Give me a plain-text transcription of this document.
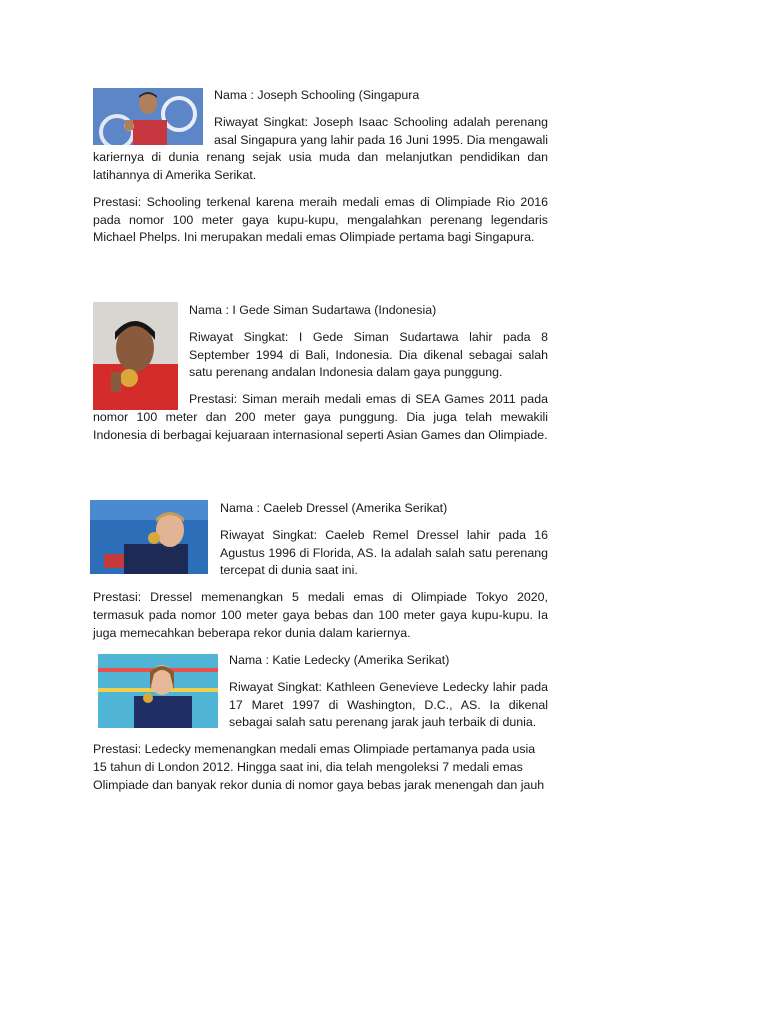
Nama : Joseph Schooling (Singapura

Riwayat Singkat: Joseph Isaac Schooling adalah perenang asal Singapura yang lahir pada 16 Juni 1995. Dia mengawali kariernya di dunia renang sejak usia muda dan melanjutkan pendidikan dan latihannya di Amerika Serikat.

Prestasi: Schooling terkenal karena meraih medali emas di Olimpiade Rio 2016 pada nomor 100 meter gaya kupu-kupu, mengalahkan perenang legendaris Michael Phelps. Ini merupakan medali emas Olimpiade pertama bagi Singapura.

Nama : I Gede Siman Sudartawa (Indonesia)

Riwayat Singkat: I Gede Siman Sudartawa lahir pada 8 September 1994 di Bali, Indonesia. Dia dikenal sebagai salah satu perenang andalan Indonesia dalam gaya punggung.

Prestasi: Siman meraih medali emas di SEA Games 2011 pada nomor 100 meter dan 200 meter gaya punggung. Dia juga telah mewakili Indonesia di berbagai kejuaraan internasional seperti Asian Games dan Olimpiade.

Nama : Caeleb Dressel (Amerika Serikat)

Riwayat Singkat: Caeleb Remel Dressel lahir pada 16 Agustus 1996 di Florida, AS. Ia adalah salah satu perenang tercepat di dunia saat ini.

Prestasi: Dressel memenangkan 5 medali emas di Olimpiade Tokyo 2020, termasuk pada nomor 100 meter gaya bebas dan 100 meter gaya kupu-kupu. Ia juga memecahkan beberapa rekor dunia dalam kariernya.

Nama : Katie Ledecky (Amerika Serikat)

Riwayat Singkat: Kathleen Genevieve Ledecky lahir pada 17 Maret 1997 di Washington, D.C., AS. Ia dikenal sebagai salah satu perenang jarak jauh terbaik di dunia.

Prestasi: Ledecky memenangkan medali emas Olimpiade pertamanya pada usia 15 tahun di London 2012. Hingga saat ini, dia telah mengoleksi 7 medali emas Olimpiade dan banyak rekor dunia di nomor gaya bebas jarak menengah dan jauh
